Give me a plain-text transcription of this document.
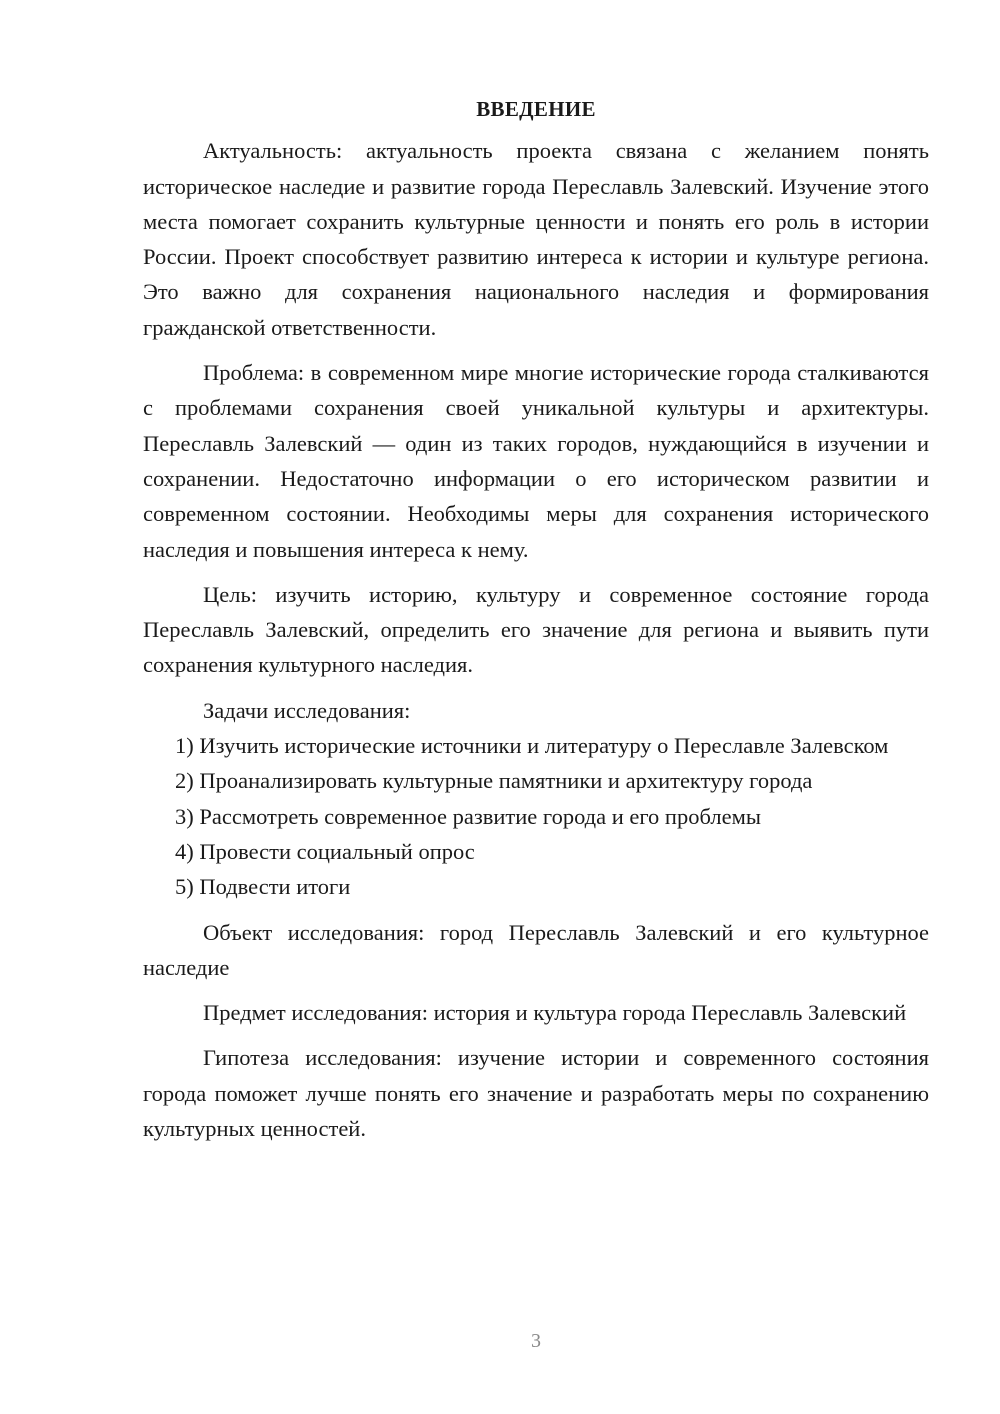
ВВЕДЕНИЕ

Актуальность: актуальность проекта связана с желанием понять историческое наследие и развитие города Переславль Залевский. Изучение этого места помогает сохранить культурные ценности и понять его роль в истории России. Проект способствует развитию интереса к истории и культуре региона. Это важно для сохранения национального наследия и формирования гражданской ответственности.

Проблема: в современном мире многие исторические города сталкиваются с проблемами сохранения своей уникальной культуры и архитектуры. Переславль Залевский — один из таких городов, нуждающийся в изучении и сохранении. Недостаточно информации о его историческом развитии и современном состоянии. Необходимы меры для сохранения исторического наследия и повышения интереса к нему.

Цель: изучить историю, культуру и современное состояние города Переславль Залевский, определить его значение для региона и выявить пути сохранения культурного наследия.

Задачи исследования:

1) Изучить исторические источники и литературу о Переславле Залевском

2) Проанализировать культурные памятники и архитектуру города

3) Рассмотреть современное развитие города и его проблемы

4) Провести социальный опрос

5) Подвести итоги

Объект исследования: город Переславль Залевский и его культурное наследие

Предмет исследования: история и культура города Переславль Залевский

Гипотеза исследования: изучение истории и современного состояния города поможет лучше понять его значение и разработать меры по сохранению культурных ценностей.

3
